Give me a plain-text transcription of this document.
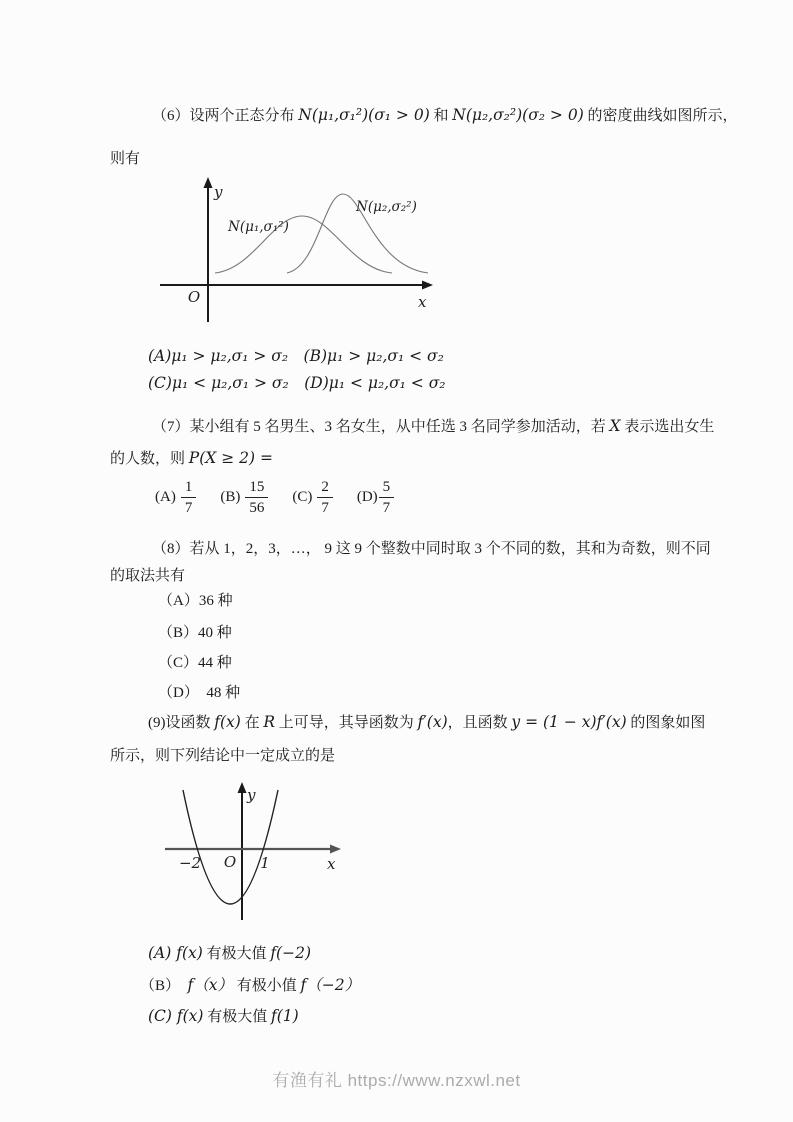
（6）设两个正态分布 N(μ₁,σ₁²)(σ₁ > 0) 和 N(μ₂,σ₂²)(σ₂ > 0) 的密度曲线如图所示，
则有
O
y
x
N(μ₁,σ₁²)
N(μ₂,σ₂²)
(A)μ₁ > μ₂,σ₁ > σ₂　(B)μ₁ > μ₂,σ₁ < σ₂
(C)μ₁ < μ₂,σ₁ > σ₂　(D)μ₁ < μ₂,σ₁ < σ₂
（7）某小组有 5 名男生、3 名女生，从中任选 3 名同学参加活动，若 X 表示选出女生
的人数，则 P(X ≥ 2) =
$(A) \frac{1}{7} (B) \frac{15}{56} (C) \frac{2}{7} (D) \frac{5}{7}$
（8）若从 1，2，3，…， 9 这 9 个整数中同时取 3 个不同的数，其和为奇数，则不同
的取法共有
（A）36 种
（B）40 种
（C）44 种
（D）　48 种
(9)设函数 f(x) 在 R 上可导，其导函数为 f′(x)，且函数 y = (1 − x)f′(x) 的图象如图
所示，则下列结论中一定成立的是
O
−2	1
y
x
(A) f(x) 有极大值 f(−2)
（B）　f（x） 有极小值 f（−2）
(C) f(x) 有极大值 f(1)
有渔有礼 https://www.nzxwl.net
